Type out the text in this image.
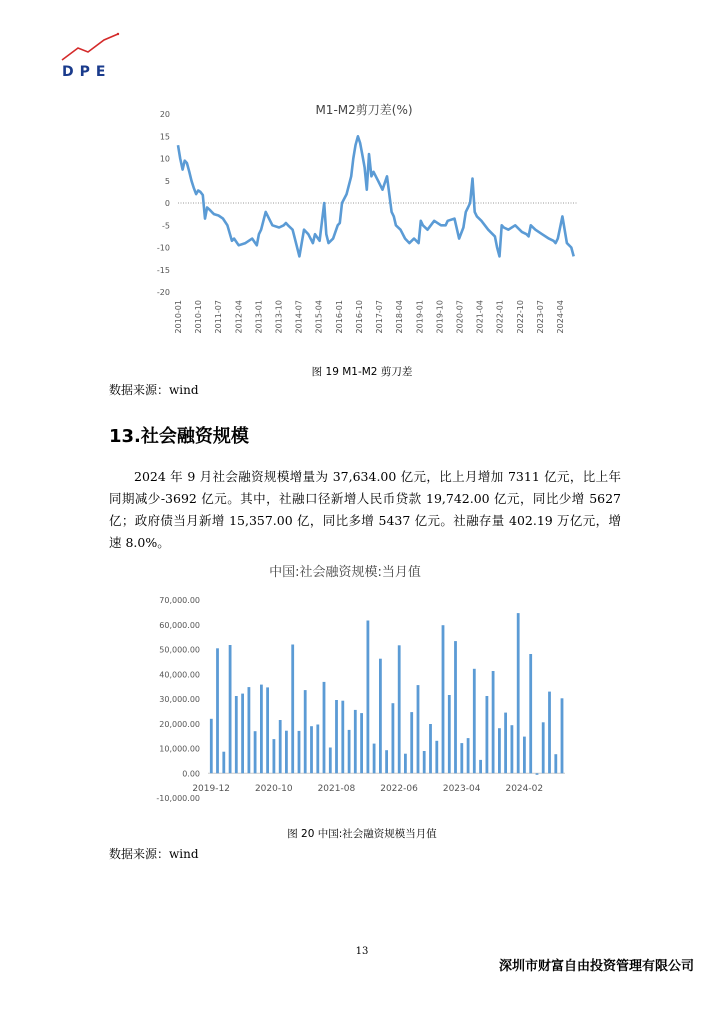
DPE
M1-M2剪刀差(%)
20
15
10
5
0
-5
-10
-15
-20
2010-01 2010-10 2011-07 2012-04 2013-01 2013-10 2014-07 2015-04 2016-01 2016-10 2017-07 2018-04 2019-01 2019-10 2020-07 2021-04 2022-01 2022-10 2023-07 2024-04
图 19 M1-M2 剪刀差
数据来源：wind
13.社会融资规模

2024 年 9 月社会融资规模增量为 37,634.00 亿元，比上月增加 7311 亿元，比上年同期减少-3692 亿元。其中，社融口径新增人民币贷款 19,742.00 亿元，同比少增 5627 亿；政府债当月新增 15,357.00 亿，同比多增 5437 亿元。社融存量 402.19 万亿元，增速 8.0%。

中国:社会融资规模:当月值
70,000.00
60,000.00
50,000.00
40,000.00
30,000.00
20,000.00
10,000.00
0.00
-10,000.00
2019-12	2020-10	2021-08	2022-06	2023-04	2024-02
图 20 中国:社会融资规模当月值
数据来源：wind
13
深圳市财富自由投资管理有限公司
